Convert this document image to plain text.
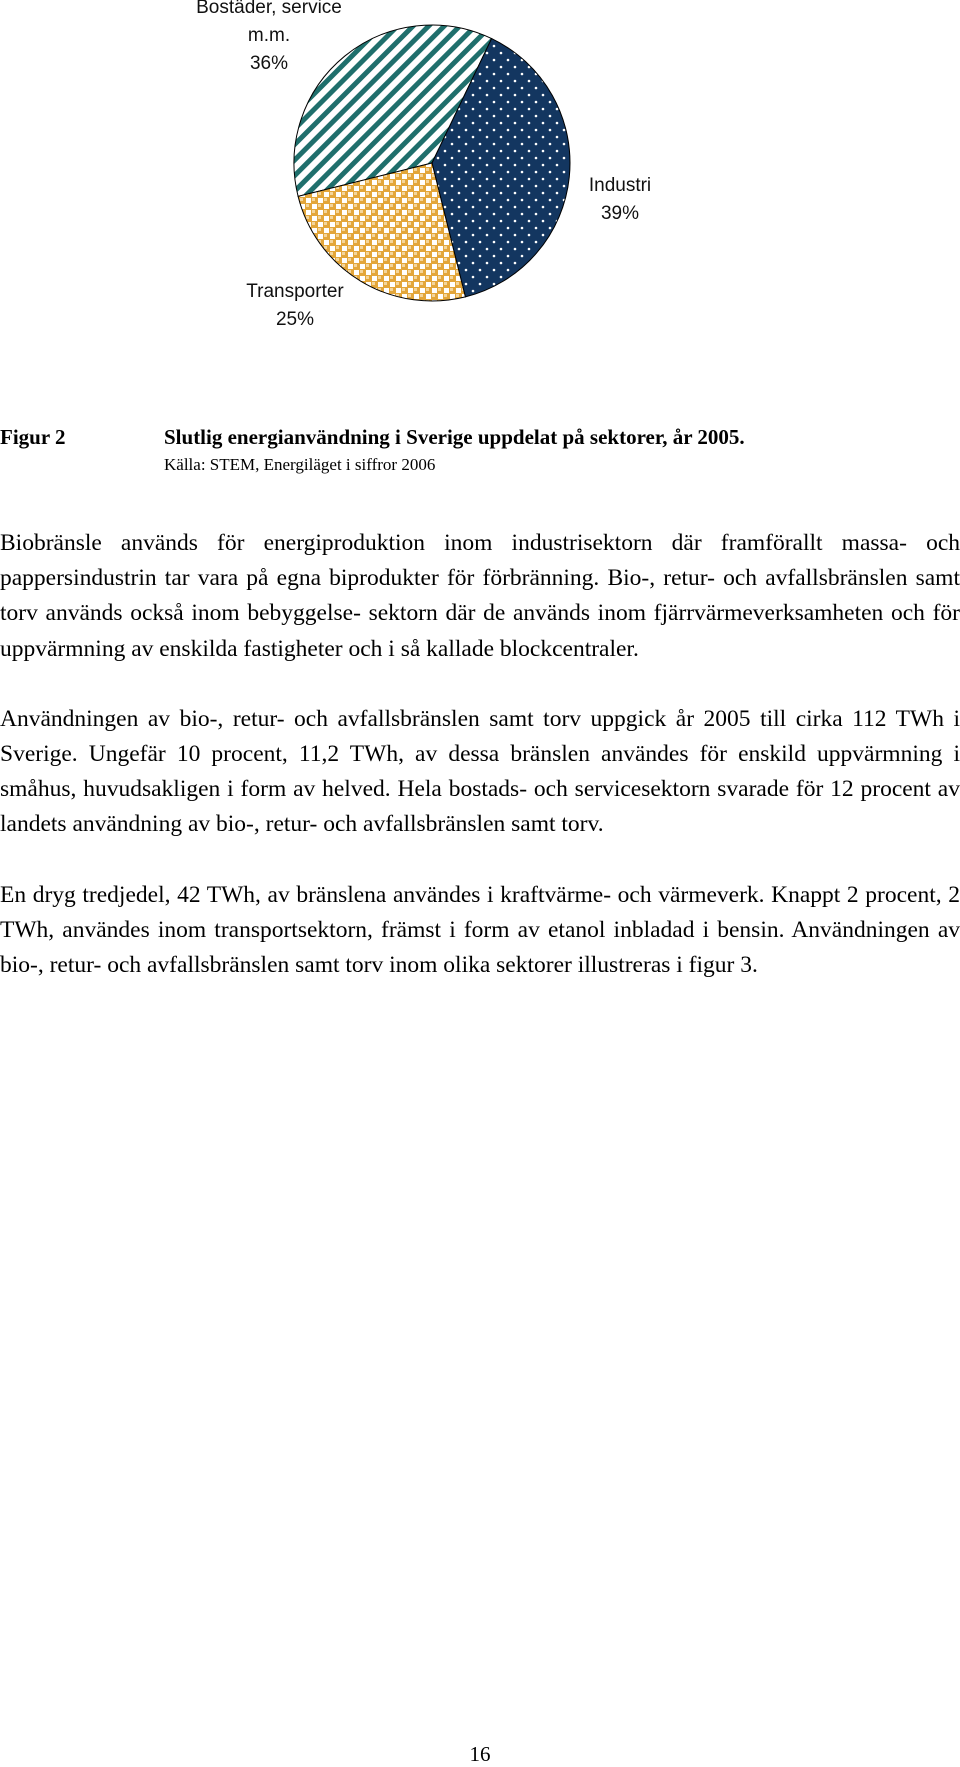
Bostäder, service
m.m.
36%
Industri
39%
Transporter
25%
Figur 2	Slutlig energianvändning i Sverige uppdelat på sektorer, år 2005.
Källa: STEM, Energiläget i siffror 2006

Biobränsle används för energiproduktion inom industrisektorn där framförallt massa- och pappersindustrin tar vara på egna biprodukter för förbränning. Bio-, retur- och avfallsbränslen samt torv används också inom bebyggelse- sektorn där de används inom fjärrvärmeverksamheten och för uppvärmning av enskilda fastigheter och i så kallade blockcentraler.

Användningen av bio-, retur- och avfallsbränslen samt torv uppgick år 2005 till cirka 112 TWh i Sverige. Ungefär 10 procent, 11,2 TWh, av dessa bränslen användes för enskild uppvärmning i småhus, huvudsakligen i form av helved. Hela bostads- och servicesektorn svarade för 12 procent av landets användning av bio-, retur- och avfallsbränslen samt torv.

En dryg tredjedel, 42 TWh, av bränslena användes i kraftvärme- och värmeverk. Knappt 2 procent, 2 TWh, användes inom transportsektorn, främst i form av etanol inbladad i bensin. Användningen av bio-, retur- och avfallsbränslen samt torv inom olika sektorer illustreras i figur 3.

16
